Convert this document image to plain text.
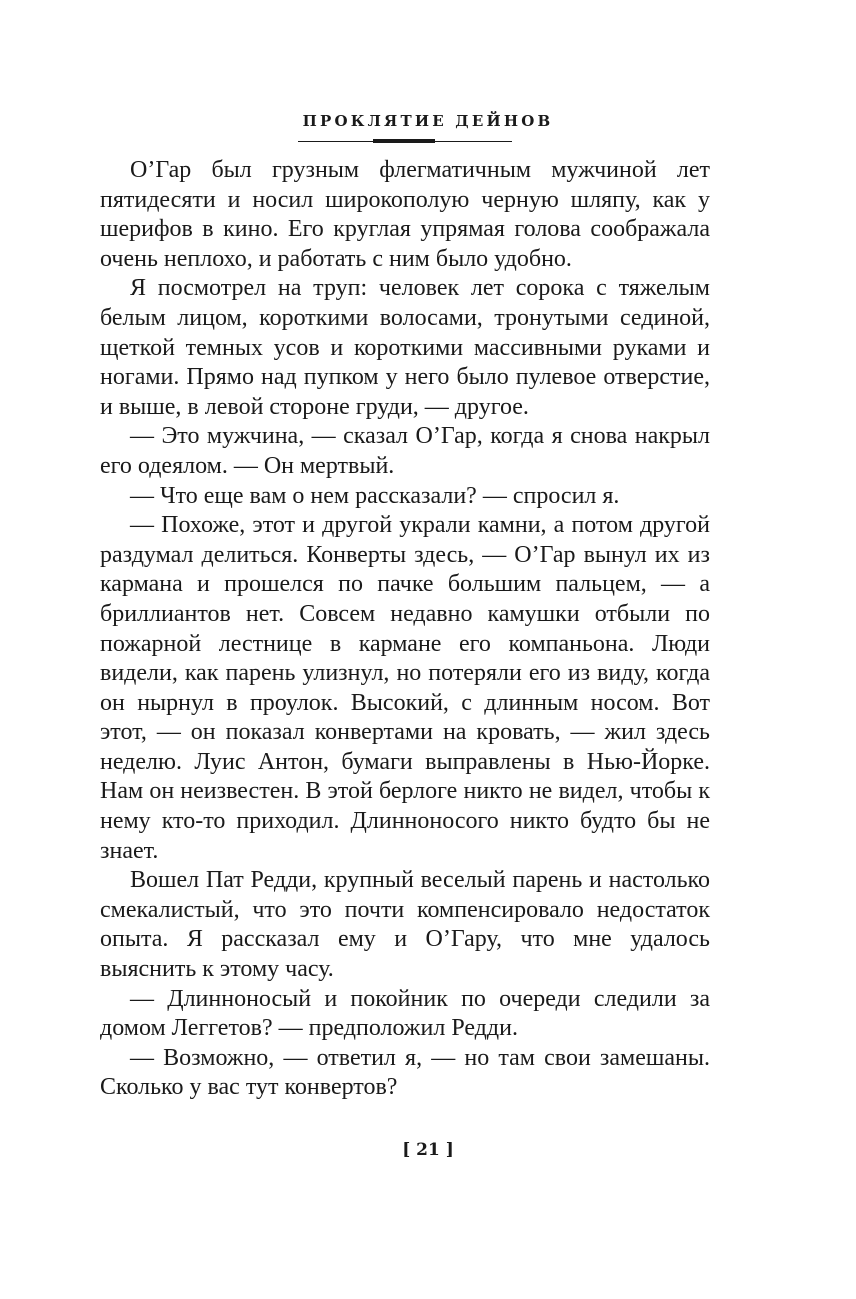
ПРОКЛЯТИЕ ДЕЙНОВ

О’Гар был грузным флегматичным мужчиной лет пятидесяти и носил широкополую черную шляпу, как у шерифов в кино. Его круглая упрямая голова соображала очень неплохо, и работать с ним было удобно.

Я посмотрел на труп: человек лет сорока с тяжелым белым лицом, короткими волосами, тронутыми сединой, щеткой темных усов и короткими массивными руками и ногами. Прямо над пупком у него было пулевое отверстие, и выше, в левой стороне груди, — другое.

— Это мужчина, — сказал О’Гар, когда я снова накрыл его одеялом. — Он мертвый.

— Что еще вам о нем рассказали? — спросил я.

— Похоже, этот и другой украли камни, а потом другой раздумал делиться. Конверты здесь, — О’Гар вынул их из кармана и прошелся по пачке большим пальцем, — а бриллиантов нет. Совсем недавно камушки отбыли по пожарной лестнице в кармане его компаньона. Люди видели, как парень улизнул, но потеряли его из виду, когда он нырнул в проулок. Высокий, с длинным носом. Вот этот, — он показал конвертами на кровать, — жил здесь неделю. Луис Антон, бумаги выправлены в Нью-Йорке. Нам он неизвестен. В этой берлоге никто не видел, чтобы к нему кто-то приходил. Длинноносого никто будто бы не знает.

Вошел Пат Редди, крупный веселый парень и настолько смекалистый, что это почти компенсировало недостаток опыта. Я рассказал ему и О’Гару, что мне удалось выяснить к этому часу.

— Длинноносый и покойник по очереди следили за домом Леггетов? — предположил Редди.

— Возможно, — ответил я, — но там свои замешаны. Сколько у вас тут конвертов?

[ 21 ]
